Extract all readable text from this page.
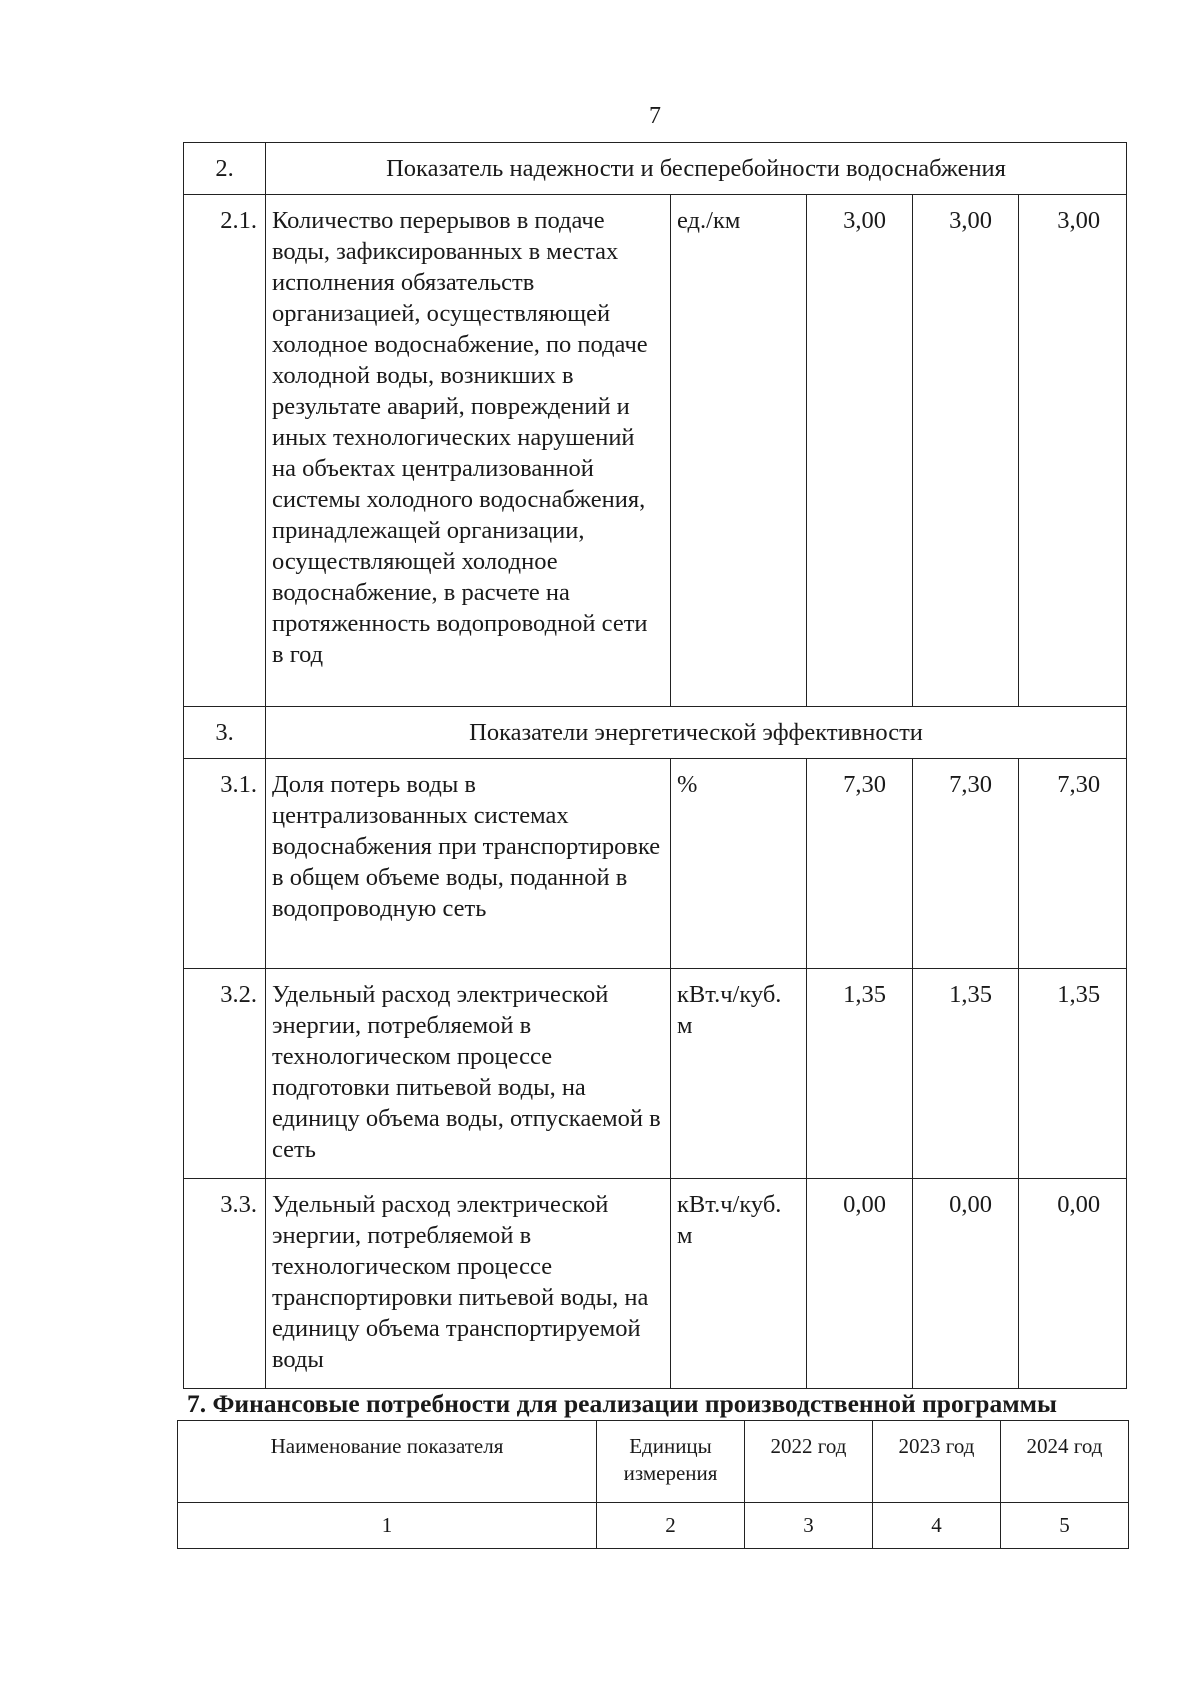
7
2.	Показатель надежности и бесперебойности водоснабжения				
2.1.	Количество перерывов в подаче воды, зафиксированных в местах исполнения обязательств организацией, осуществляющей холодное водоснабжение, по подаче холодной воды, возникших в результате аварий, повреждений и иных технологических нарушений на объектах централизованной системы холодного водоснабжения, принадлежащей организации, осуществляющей холодное водоснабжение, в расчете на протяженность водопроводной сети в год	ед./км	3,00	3,00	3,00
3.	Показатели энергетической эффективности				
3.1.	Доля потерь воды в централизованных системах водоснабжения при транспортировке в общем объеме воды, поданной в водопроводную сеть	%	7,30	7,30	7,30
3.2.	Удельный расход электрической энергии, потребляемой в технологическом процессе подготовки питьевой воды, на единицу объема воды, отпускаемой в сеть	кВт.ч/куб. м	1,35	1,35	1,35
3.3.	Удельный расход электрической энергии, потребляемой в технологическом процессе транспортировки питьевой воды, на единицу объема транспортируемой воды	кВт.ч/куб. м	0,00	0,00	0,00
7. Финансовые потребности для реализации производственной программы
Наименование показателя	Единицы измерения	2022 год	2023 год	2024 год
1	2	3	4	5
